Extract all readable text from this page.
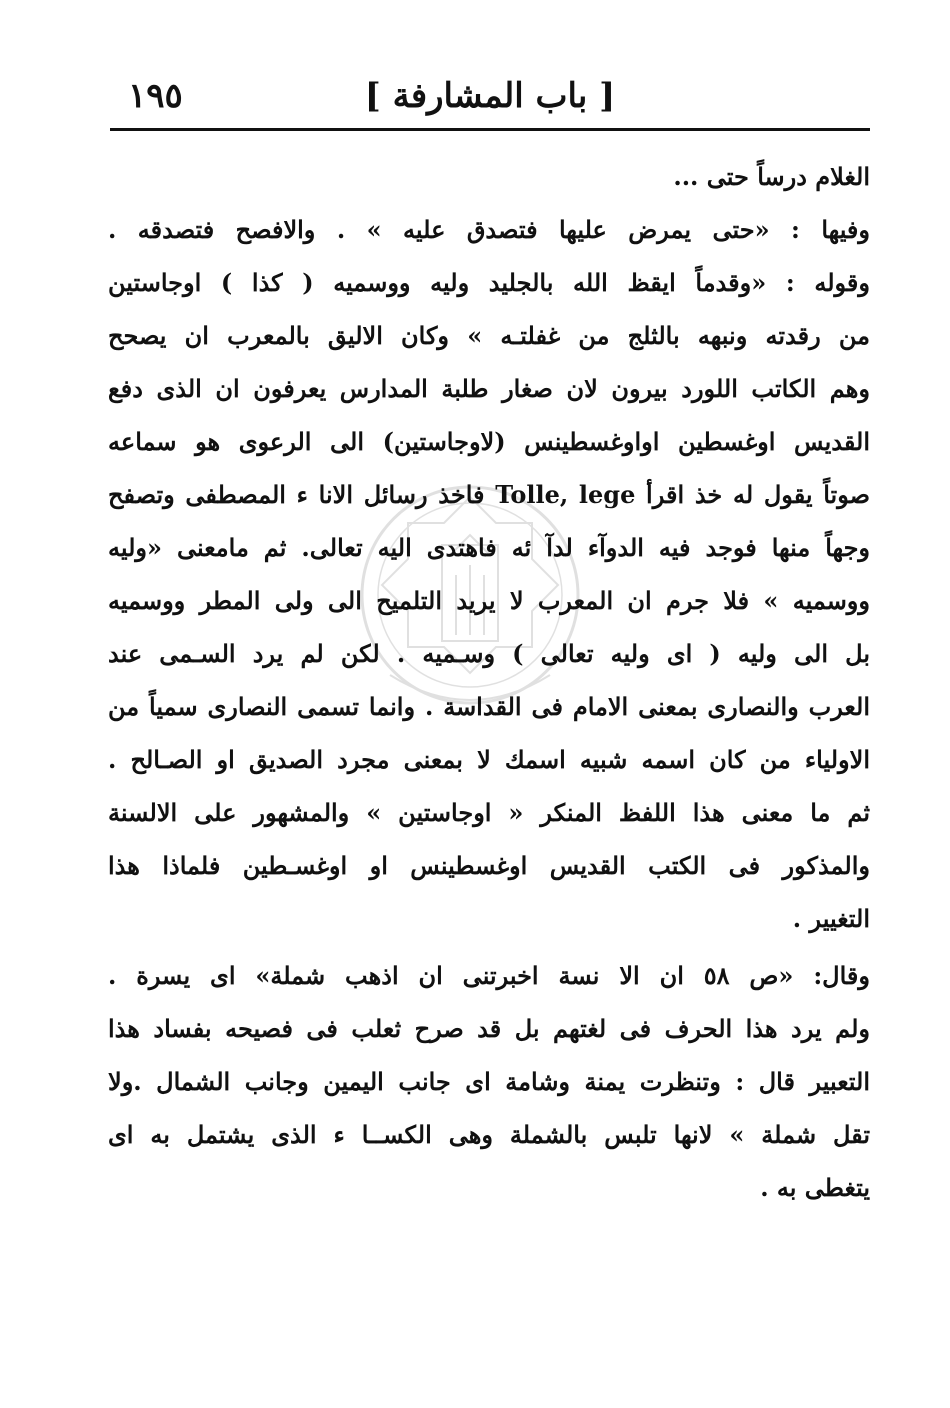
[ باب المشارفة ]
١٩٥
الغلام درساً حتى ...
وفيها : «حتى يمرض عليها فتصدق عليه » . والافصح فتصدقه .
وقوله : «وقدماً ايقظ الله بالجليد وليه ووسميه ( كذا ) اوجاستين
من رقدته ونبهه بالثلج من غفلتـه » وكان الاليق بالمعرب ان يصحح
وهم الكاتب اللورد بيرون لان صغار طلبة المدارس يعرفون ان الذى دفع
القديس اوغسطين اواوغسطينس (لاوجاستين) الى الرعوى هو سماعه
صوتاً يقول له خذ اقرأ Tolle, lege فاخذ رسائل الانا ء المصطفى وتصفح
وجهاً منها فوجد فيه الدوآء لدآ ئه فاهتدى اليه تعالى. ثم مامعنى «وليه
ووسميه » فلا جرم ان المعرب لا يريد التلميح الى ولى المطر ووسميه
بل الى وليه ( اى وليه تعالى ) وسـميه . لكن لم يرد السـمى عند
العرب والنصارى بمعنى الامام فى القداسة . وانما تسمى النصارى سمياً من
الاولياء من كان اسمه شبيه اسمك لا بمعنى مجرد الصديق او الصـالح .
ثم ما معنى هذا اللفظ المنكر « اوجاستين » والمشهور على الالسنة
والمذكور فى الكتب القديس اوغسطينس او اوغسـطين فلماذا هذا
التغيير .
وقال: «ص ٥٨ ان الا نسة اخبرتنى ان اذهب شملة» اى يسرة .
ولم يرد هذا الحرف فى لغتهم بل قد صرح ثعلب فى فصيحه بفساد هذا
التعبير قال : وتنظرت يمنة وشامة اى جانب اليمين وجانب الشمال .ولا
تقل شملة » لانها تلبس بالشملة وهى الكســا ء الذى يشتمل به اى
يتغطى به .
